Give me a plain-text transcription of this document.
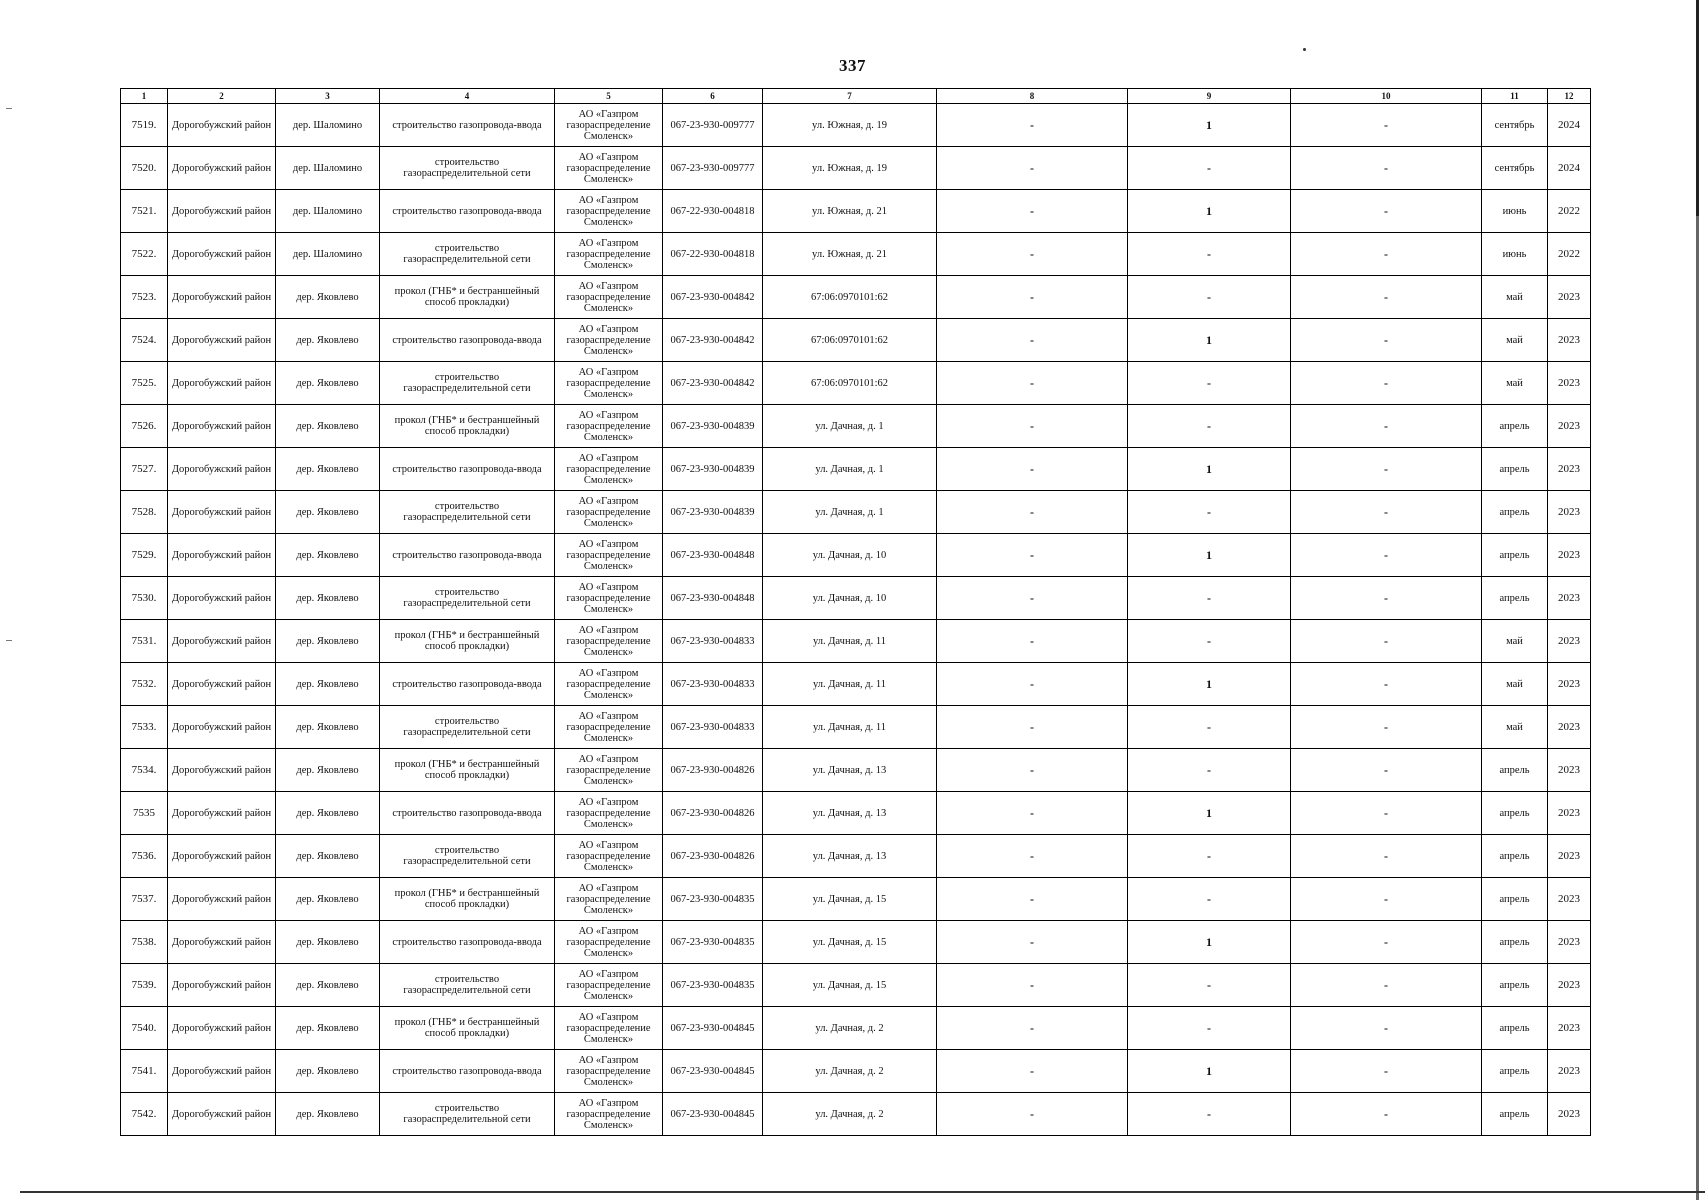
337
1	2	3	4	5	6	7	8	9	10	11	12
7519.	Дорогобужский район	дер. Шаломино	строительство газопровода-ввода	АО «Газпром газораспределение Смоленск»	067-23-930-009777	ул. Южная, д. 19	-	1	-	сентябрь	2024
7520.	Дорогобужский район	дер. Шаломино	строительство газораспределительной сети	АО «Газпром газораспределение Смоленск»	067-23-930-009777	ул. Южная, д. 19	-	-	-	сентябрь	2024
7521.	Дорогобужский район	дер. Шаломино	строительство газопровода-ввода	АО «Газпром газораспределение Смоленск»	067-22-930-004818	ул. Южная, д. 21	-	1	-	июнь	2022
7522.	Дорогобужский район	дер. Шаломино	строительство газораспределительной сети	АО «Газпром газораспределение Смоленск»	067-22-930-004818	ул. Южная, д. 21	-	-	-	июнь	2022
7523.	Дорогобужский район	дер. Яковлево	прокол (ГНБ* и бестраншейный способ прокладки)	АО «Газпром газораспределение Смоленск»	067-23-930-004842	67:06:0970101:62	-	-	-	май	2023
7524.	Дорогобужский район	дер. Яковлево	строительство газопровода-ввода	АО «Газпром газораспределение Смоленск»	067-23-930-004842	67:06:0970101:62	-	1	-	май	2023
7525.	Дорогобужский район	дер. Яковлево	строительство газораспределительной сети	АО «Газпром газораспределение Смоленск»	067-23-930-004842	67:06:0970101:62	-	-	-	май	2023
7526.	Дорогобужский район	дер. Яковлево	прокол (ГНБ* и бестраншейный способ прокладки)	АО «Газпром газораспределение Смоленск»	067-23-930-004839	ул. Дачная, д. 1	-	-	-	апрель	2023
7527.	Дорогобужский район	дер. Яковлево	строительство газопровода-ввода	АО «Газпром газораспределение Смоленск»	067-23-930-004839	ул. Дачная, д. 1	-	1	-	апрель	2023
7528.	Дорогобужский район	дер. Яковлево	строительство газораспределительной сети	АО «Газпром газораспределение Смоленск»	067-23-930-004839	ул. Дачная, д. 1	-	-	-	апрель	2023
7529.	Дорогобужский район	дер. Яковлево	строительство газопровода-ввода	АО «Газпром газораспределение Смоленск»	067-23-930-004848	ул. Дачная, д. 10	-	1	-	апрель	2023
7530.	Дорогобужский район	дер. Яковлево	строительство газораспределительной сети	АО «Газпром газораспределение Смоленск»	067-23-930-004848	ул. Дачная, д. 10	-	-	-	апрель	2023
7531.	Дорогобужский район	дер. Яковлево	прокол (ГНБ* и бестраншейный способ прокладки)	АО «Газпром газораспределение Смоленск»	067-23-930-004833	ул. Дачная, д. 11	-	-	-	май	2023
7532.	Дорогобужский район	дер. Яковлево	строительство газопровода-ввода	АО «Газпром газораспределение Смоленск»	067-23-930-004833	ул. Дачная, д. 11	-	1	-	май	2023
7533.	Дорогобужский район	дер. Яковлево	строительство газораспределительной сети	АО «Газпром газораспределение Смоленск»	067-23-930-004833	ул. Дачная, д. 11	-	-	-	май	2023
7534.	Дорогобужский район	дер. Яковлево	прокол (ГНБ* и бестраншейный способ прокладки)	АО «Газпром газораспределение Смоленск»	067-23-930-004826	ул. Дачная, д. 13	-	-	-	апрель	2023
7535	Дорогобужский район	дер. Яковлево	строительство газопровода-ввода	АО «Газпром газораспределение Смоленск»	067-23-930-004826	ул. Дачная, д. 13	-	1	-	апрель	2023
7536.	Дорогобужский район	дер. Яковлево	строительство газораспределительной сети	АО «Газпром газораспределение Смоленск»	067-23-930-004826	ул. Дачная, д. 13	-	-	-	апрель	2023
7537.	Дорогобужский район	дер. Яковлево	прокол (ГНБ* и бестраншейный способ прокладки)	АО «Газпром газораспределение Смоленск»	067-23-930-004835	ул. Дачная, д. 15	-	-	-	апрель	2023
7538.	Дорогобужский район	дер. Яковлево	строительство газопровода-ввода	АО «Газпром газораспределение Смоленск»	067-23-930-004835	ул. Дачная, д. 15	-	1	-	апрель	2023
7539.	Дорогобужский район	дер. Яковлево	строительство газораспределительной сети	АО «Газпром газораспределение Смоленск»	067-23-930-004835	ул. Дачная, д. 15	-	-	-	апрель	2023
7540.	Дорогобужский район	дер. Яковлево	прокол (ГНБ* и бестраншейный способ прокладки)	АО «Газпром газораспределение Смоленск»	067-23-930-004845	ул. Дачная, д. 2	-	-	-	апрель	2023
7541.	Дорогобужский район	дер. Яковлево	строительство газопровода-ввода	АО «Газпром газораспределение Смоленск»	067-23-930-004845	ул. Дачная, д. 2	-	1	-	апрель	2023
7542.	Дорогобужский район	дер. Яковлево	строительство газораспределительной сети	АО «Газпром газораспределение Смоленск»	067-23-930-004845	ул. Дачная, д. 2	-	-	-	апрель	2023
